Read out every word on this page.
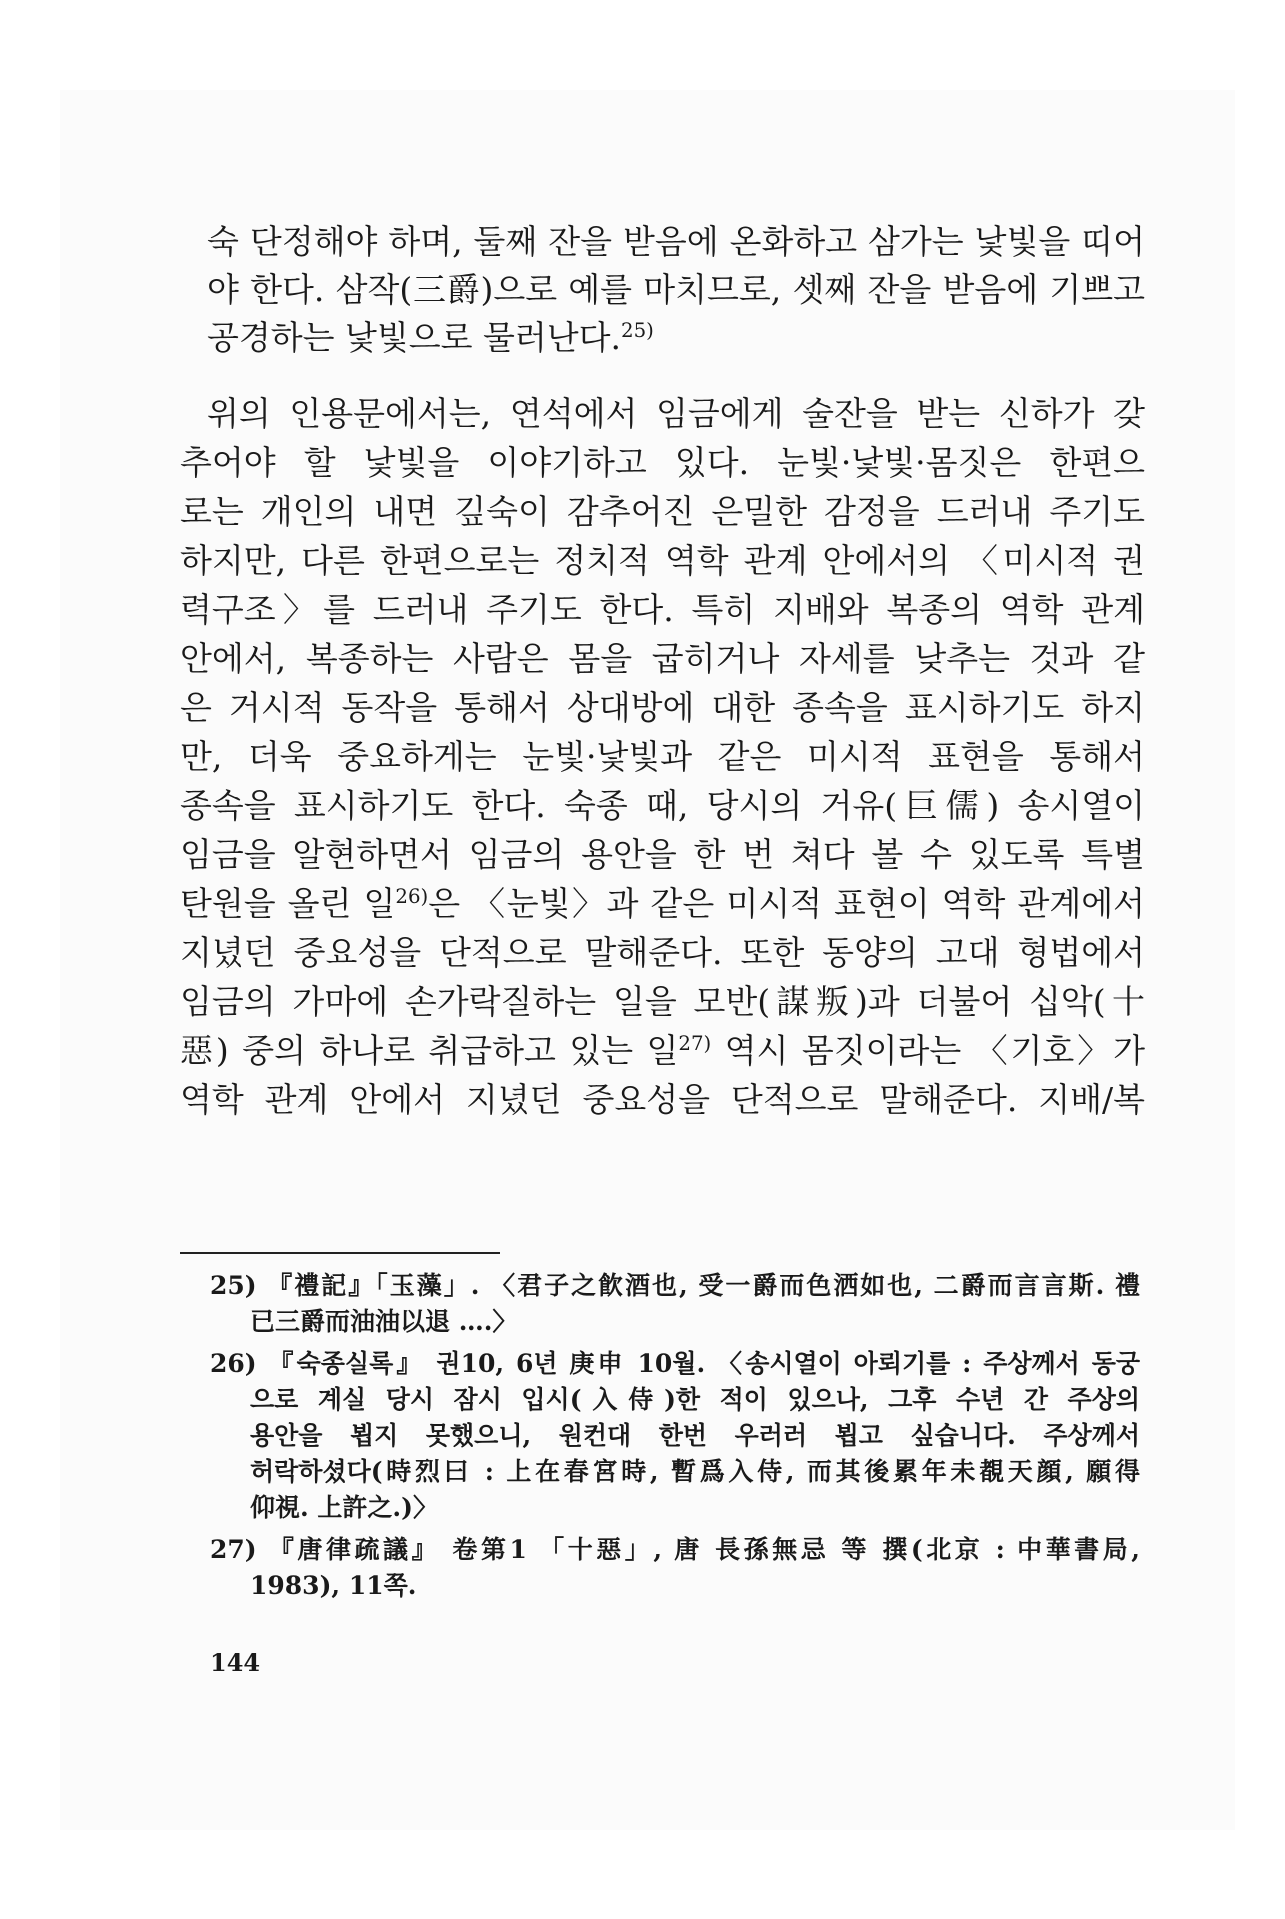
숙 단정해야 하며, 둘째 잔을 받음에 온화하고 삼가는 낯빛을 띠어
야 한다. 삼작(三爵)으로 예를 마치므로, 셋째 잔을 받음에 기쁘고
공경하는 낯빛으로 물러난다.$^{25)}$
위의 인용문에서는, 연석에서 임금에게 술잔을 받는 신하가 갖
추어야 할 낯빛을 이야기하고 있다. 눈빛·낯빛·몸짓은 한편으
로는 개인의 내면 깊숙이 감추어진 은밀한 감정을 드러내 주기도
하지만, 다른 한편으로는 정치적 역학 관계 안에서의 〈미시적 권
력구조〉를 드러내 주기도 한다. 특히 지배와 복종의 역학 관계
안에서, 복종하는 사람은 몸을 굽히거나 자세를 낮추는 것과 같
은 거시적 동작을 통해서 상대방에 대한 종속을 표시하기도 하지
만, 더욱 중요하게는 눈빛·낯빛과 같은 미시적 표현을 통해서
종속을 표시하기도 한다. 숙종 때, 당시의 거유(巨儒) 송시열이
임금을 알현하면서 임금의 용안을 한 번 쳐다 볼 수 있도록 특별
탄원을 올린 일$^{26)}$은 〈눈빛〉과 같은 미시적 표현이 역학 관계에서
지녔던 중요성을 단적으로 말해준다. 또한 동양의 고대 형법에서
임금의 가마에 손가락질하는 일을 모반(謀叛)과 더불어 십악(十
惡) 중의 하나로 취급하고 있는 일$^{27)}$ 역시 몸짓이라는 〈기호〉가
역학 관계 안에서 지녔던 중요성을 단적으로 말해준다. 지배/복
25) 『禮記』「玉藻」. 〈君子之飮酒也, 受一爵而色洒如也, 二爵而言言斯. 禮
已三爵而油油以退 ….〉
26) 『숙종실록』 권10, 6년 庚申 10월. 〈송시열이 아뢰기를 : 주상께서 동궁
으로 계실 당시 잠시 입시(入侍)한 적이 있으나, 그후 수년 간 주상의
용안을 뵙지 못했으니, 원컨대 한번 우러러 뵙고 싶습니다. 주상께서
허락하셨다(時烈曰 : 上在春宮時, 暫爲入侍, 而其後累年未覩天顔, 願得
仰視. 上許之.)〉
27) 『唐律疏議』 卷第1 「十惡」, 唐 長孫無忌 等 撰(北京 : 中華書局,
1983), 11쪽.
144
